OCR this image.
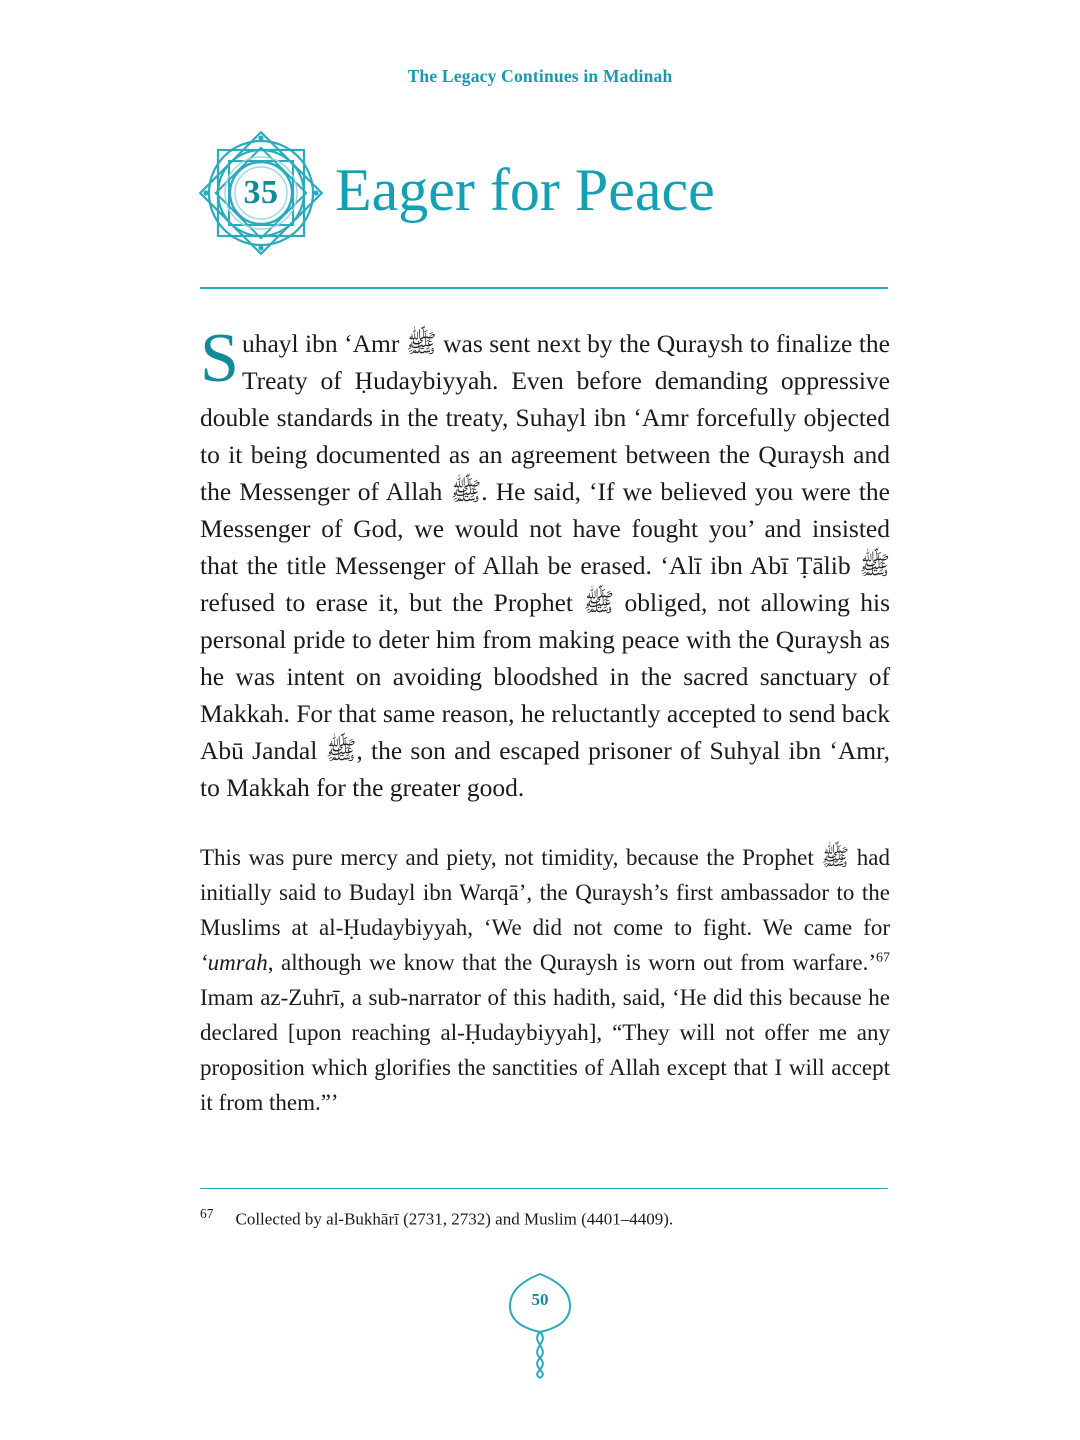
The Legacy Continues in Madinah
35 Eager for Peace

Suhayl ibn ‘Amr ﷺ was sent next by the Quraysh to finalize the Treaty of Ḥudaybiyyah. Even before demanding oppressive double standards in the treaty, Suhayl ibn ‘Amr forcefully objected to it being documented as an agreement between the Quraysh and the Messenger of Allah ﷺ. He said, ‘If we believed you were the Messenger of God, we would not have fought you’ and insisted that the title Messenger of Allah be erased. ‘Alī ibn Abī Ṭālib ﷺ refused to erase it, but the Prophet ﷺ obliged, not allowing his personal pride to deter him from making peace with the Quraysh as he was intent on avoiding bloodshed in the sacred sanctuary of Makkah. For that same reason, he reluctantly accepted to send back Abū Jandal ﷺ, the son and escaped prisoner of Suhyal ibn ‘Amr, to Makkah for the greater good.

This was pure mercy and piety, not timidity, because the Prophet ﷺ had initially said to Budayl ibn Warqā’, the Quraysh’s first ambassador to the Muslims at al-Ḥudaybiyyah, ‘We did not come to fight. We came for ‘umrah, although we know that the Quraysh is worn out from warfare.’$^{67}$ Imam az-Zuhrī, a sub-narrator of this hadith, said, ‘He did this because he declared [upon reaching al-Ḥudaybiyyah], “They will not offer me any proposition which glorifies the sanctities of Allah except that I will accept it from them.”’

$^{67}$ Collected by al-Bukhārī (2731, 2732) and Muslim (4401–4409).
50
